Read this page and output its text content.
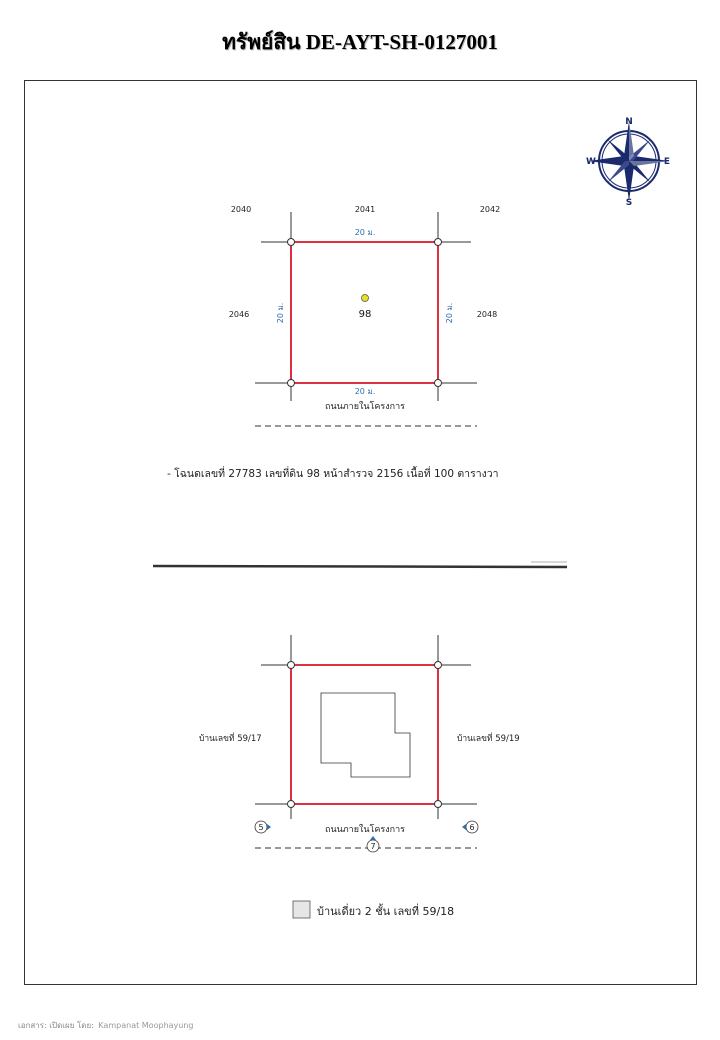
ทรัพย์สิน DE-AYT-SH-0127001
N
S
E
W
2040	2041	2042
2046	2048
20 ม.
20 ม.
20 ม.	20 ม.
98
ถนนภายในโครงการ
- โฉนดเลขที่ 27783 เลขที่ดิน 98 หน้าสำรวจ 2156 เนื้อที่ 100 ตารางวา
บ้านเลขที่ 59/17	บ้านเลขที่ 59/19
ถนนภายในโครงการ
5	6
7
บ้านเดี่ยว 2 ชั้น เลขที่ 59/18
เอกสาร: เปิดเผย โดย: Kampanat Moophayung
